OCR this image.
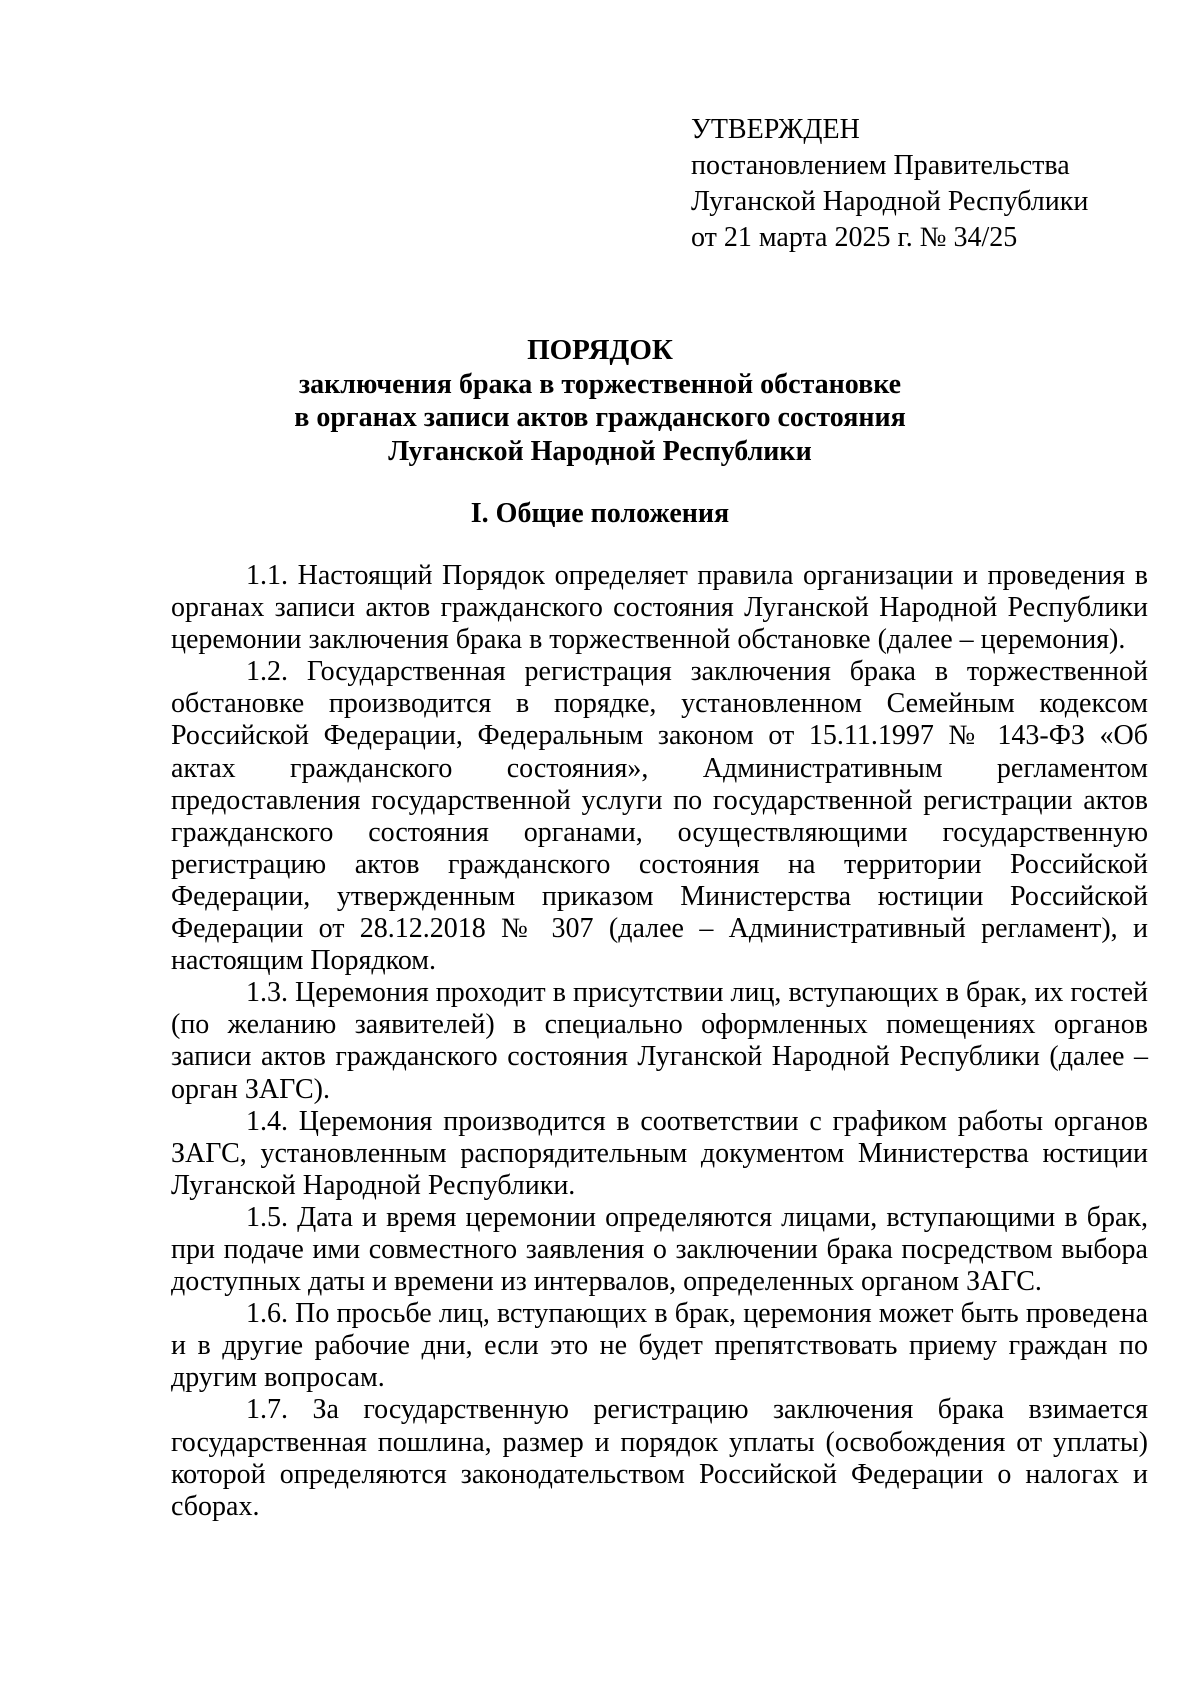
УТВЕРЖДЕН
постановлением Правительства
Луганской Народной Республики
от 21 марта 2025 г. № 34/25
ПОРЯДОК
заключения брака в торжественной обстановке
в органах записи актов гражданского состояния
Луганской Народной Республики
I. Общие положения

1.1. Настоящий Порядок определяет правила организации и проведения в органах записи актов гражданского состояния Луганской Народной Республики церемонии заключения брака в торжественной обстановке (далее – церемония).

1.2. Государственная регистрация заключения брака в торжественной обстановке производится в порядке, установленном Семейным кодексом Российской Федерации, Федеральным законом от 15.11.1997 № 143-ФЗ «Об актах гражданского состояния», Административным регламентом предоставления государственной услуги по государственной регистрации актов гражданского состояния органами, осуществляющими государственную регистрацию актов гражданского состояния на территории Российской Федерации, утвержденным приказом Министерства юстиции Российской Федерации от 28.12.2018 № 307 (далее – Административный регламент), и настоящим Порядком.

1.3. Церемония проходит в присутствии лиц, вступающих в брак, их гостей (по желанию заявителей) в специально оформленных помещениях органов записи актов гражданского состояния Луганской Народной Республики (далее – орган ЗАГС).

1.4. Церемония производится в соответствии с графиком работы органов ЗАГС, установленным распорядительным документом Министерства юстиции Луганской Народной Республики.

1.5. Дата и время церемонии определяются лицами, вступающими в брак, при подаче ими совместного заявления о заключении брака посредством выбора доступных даты и времени из интервалов, определенных органом ЗАГС.

1.6. По просьбе лиц, вступающих в брак, церемония может быть проведена и в другие рабочие дни, если это не будет препятствовать приему граждан по другим вопросам.

1.7. За государственную регистрацию заключения брака взимается государственная пошлина, размер и порядок уплаты (освобождения от уплаты) которой определяются законодательством Российской Федерации о налогах и сборах.
